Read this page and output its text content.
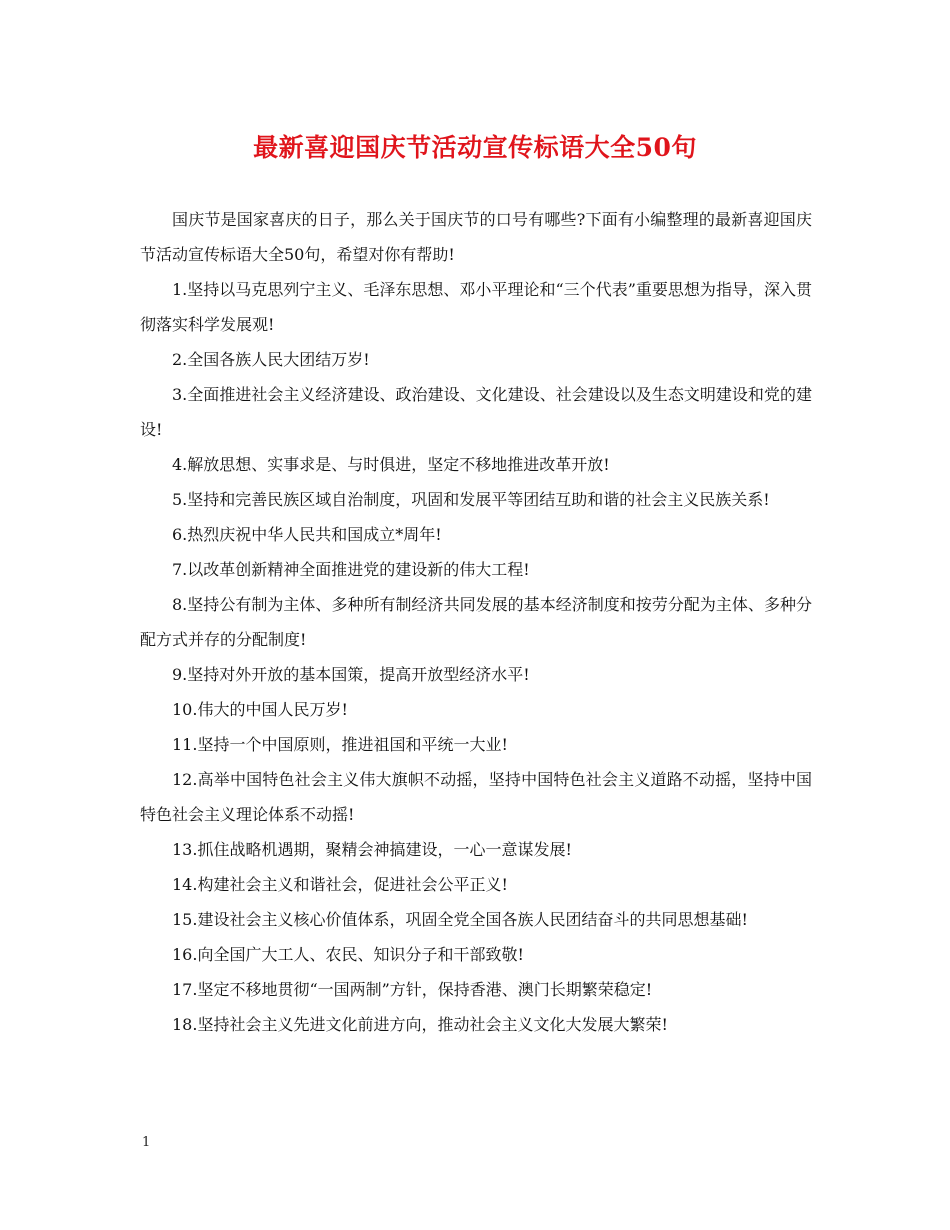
最新喜迎国庆节活动宣传标语大全50句

国庆节是国家喜庆的日子，那么关于国庆节的口号有哪些?下面有小编整理的最新喜迎国庆节活动宣传标语大全50句，希望对你有帮助!

1.坚持以马克思列宁主义、毛泽东思想、邓小平理论和“三个代表”重要思想为指导，深入贯彻落实科学发展观!

2.全国各族人民大团结万岁!

3.全面推进社会主义经济建设、政治建设、文化建设、社会建设以及生态文明建设和党的建设!

4.解放思想、实事求是、与时俱进，坚定不移地推进改革开放!

5.坚持和完善民族区域自治制度，巩固和发展平等团结互助和谐的社会主义民族关系!

6.热烈庆祝中华人民共和国成立*周年!

7.以改革创新精神全面推进党的建设新的伟大工程!

8.坚持公有制为主体、多种所有制经济共同发展的基本经济制度和按劳分配为主体、多种分配方式并存的分配制度!

9.坚持对外开放的基本国策，提高开放型经济水平!

10.伟大的中国人民万岁!

11.坚持一个中国原则，推进祖国和平统一大业!

12.高举中国特色社会主义伟大旗帜不动摇，坚持中国特色社会主义道路不动摇，坚持中国特色社会主义理论体系不动摇!

13.抓住战略机遇期，聚精会神搞建设，一心一意谋发展!

14.构建社会主义和谐社会，促进社会公平正义!

15.建设社会主义核心价值体系，巩固全党全国各族人民团结奋斗的共同思想基础!

16.向全国广大工人、农民、知识分子和干部致敬!

17.坚定不移地贯彻“一国两制”方针，保持香港、澳门长期繁荣稳定!

18.坚持社会主义先进文化前进方向，推动社会主义文化大发展大繁荣!

1
